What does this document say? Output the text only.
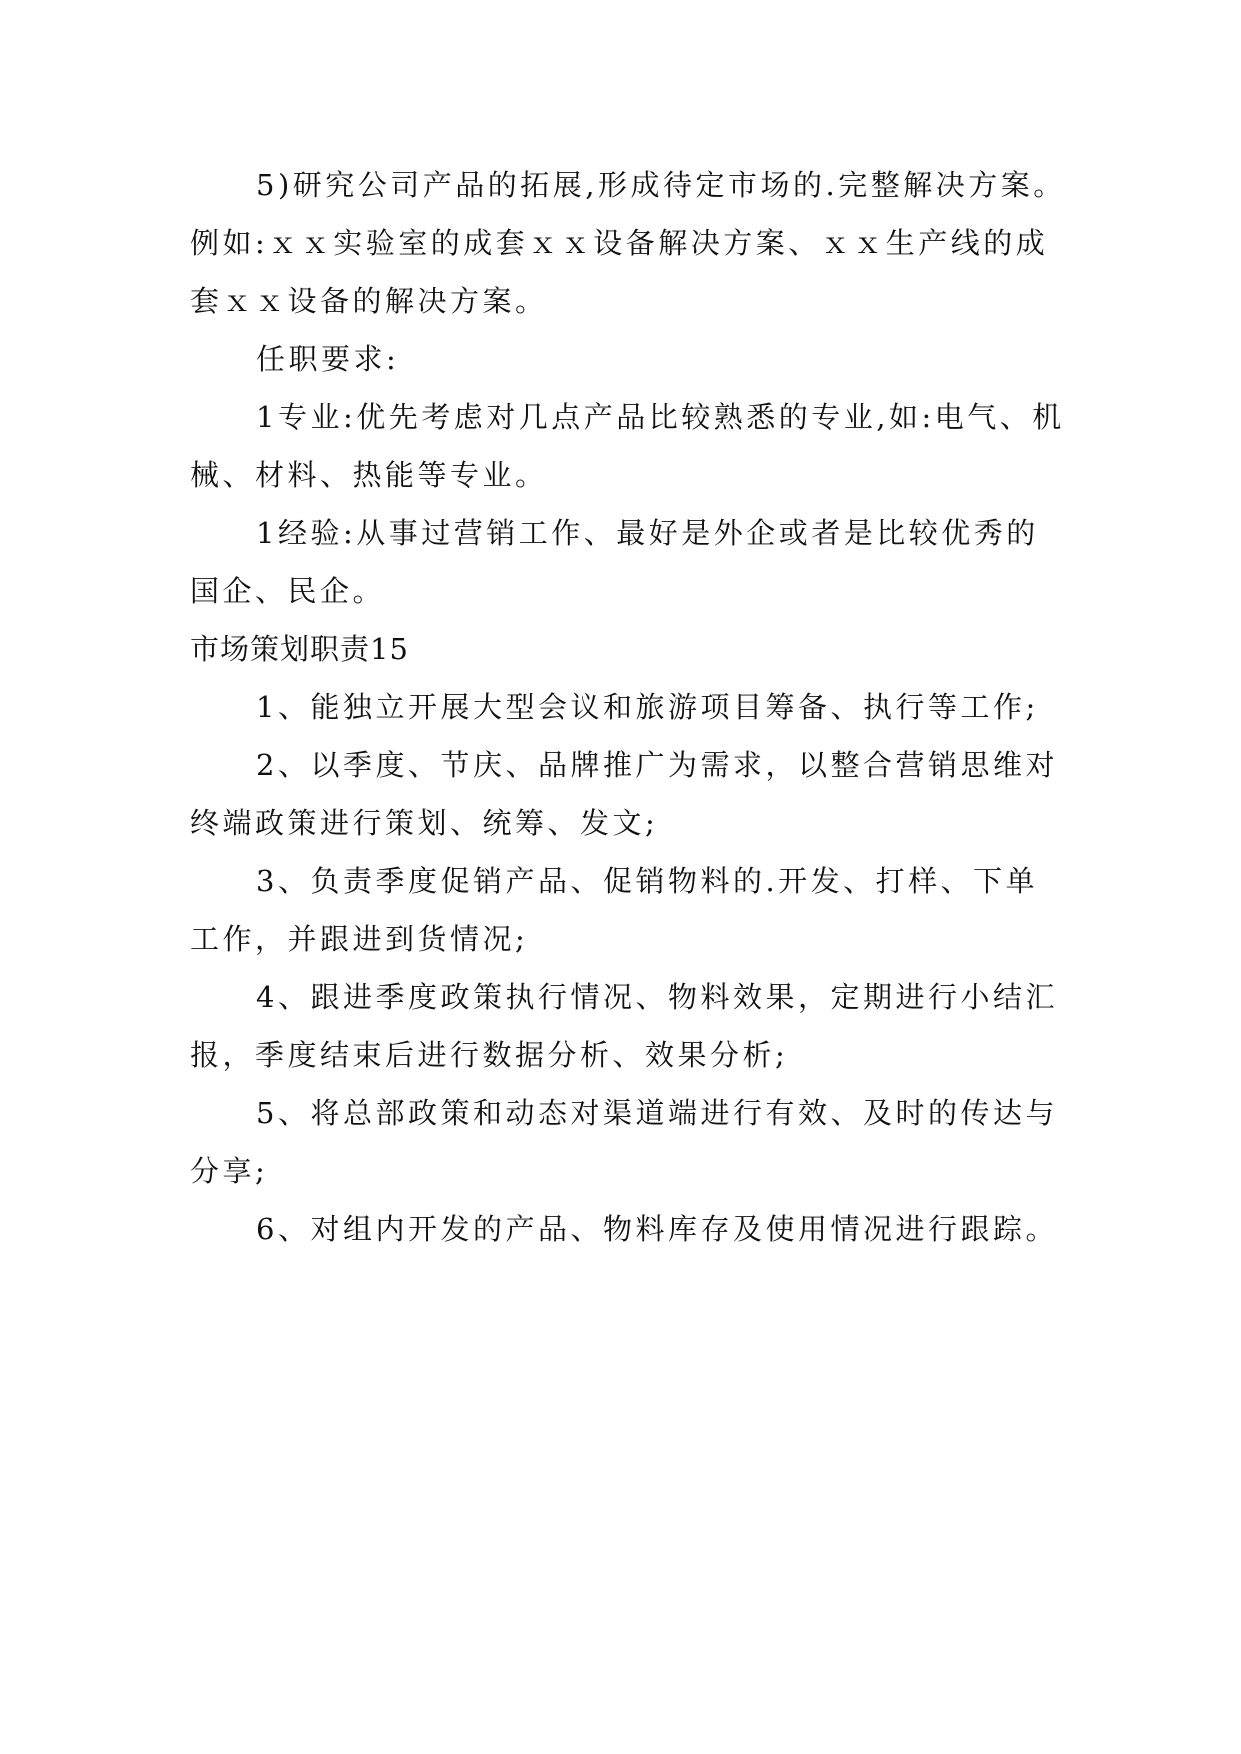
5)研究公司产品的拓展,形成待定市场的.完整解决方案。例如:ｘｘ实验室的成套ｘｘ设备解决方案、ｘｘ生产线的成套ｘｘ设备的解决方案。

任职要求:

1专业:优先考虑对几点产品比较熟悉的专业,如:电气、机械、材料、热能等专业。

1经验:从事过营销工作、最好是外企或者是比较优秀的国企、民企。

市场策划职责15

1、能独立开展大型会议和旅游项目筹备、执行等工作;

2、以季度、节庆、品牌推广为需求，以整合营销思维对终端政策进行策划、统筹、发文;

3、负责季度促销产品、促销物料的.开发、打样、下单工作，并跟进到货情况;

4、跟进季度政策执行情况、物料效果，定期进行小结汇报，季度结束后进行数据分析、效果分析;

5、将总部政策和动态对渠道端进行有效、及时的传达与分享;

6、对组内开发的产品、物料库存及使用情况进行跟踪。
